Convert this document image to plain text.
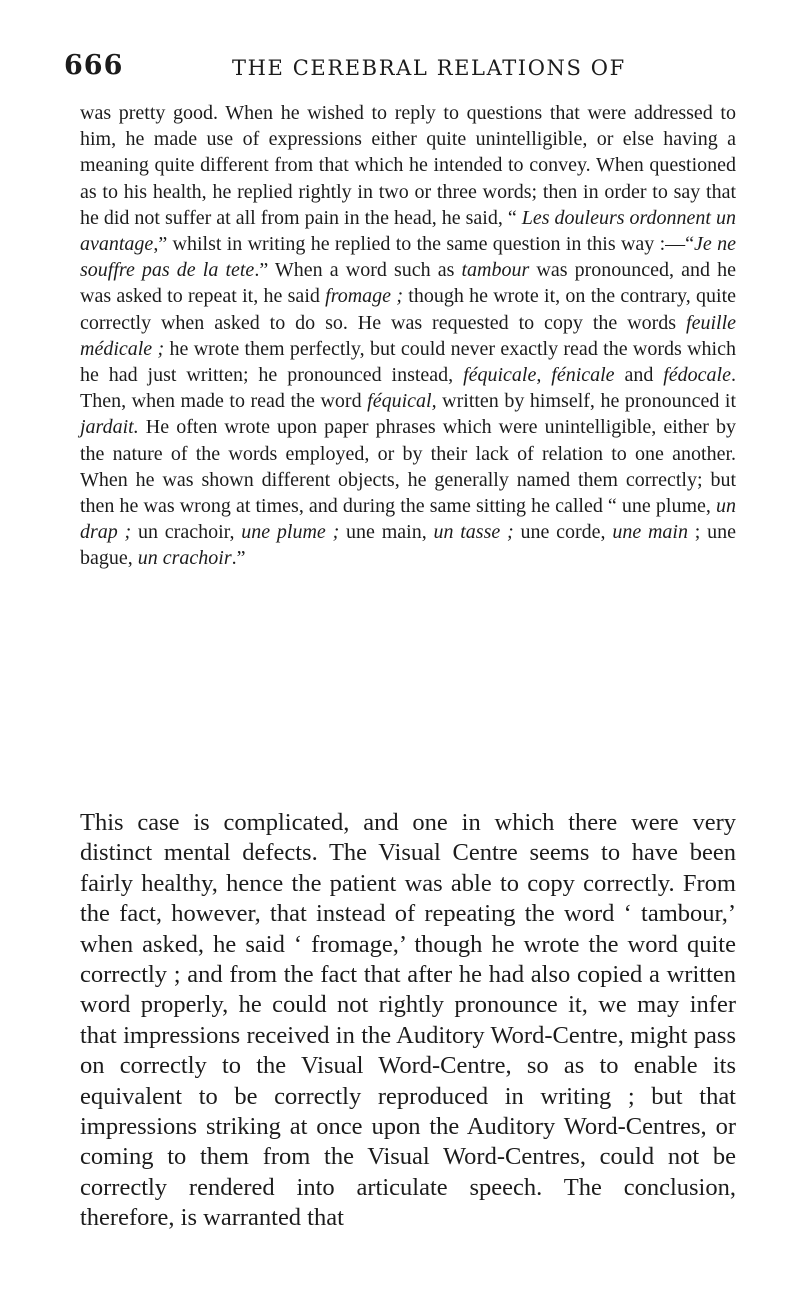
666	THE CEREBRAL RELATIONS OF

was pretty good. When he wished to reply to questions that were addressed to him, he made use of expressions either quite unintelligible, or else having a meaning quite different from that which he intended to convey. When questioned as to his health, he replied rightly in two or three words; then in order to say that he did not suffer at all from pain in the head, he said, “ Les douleurs ordonnent un avantage,” whilst in writing he replied to the same question in this way :—“Je ne souffre pas de la tete.” When a word such as tambour was pronounced, and he was asked to repeat it, he said fromage ; though he wrote it, on the contrary, quite correctly when asked to do so. He was requested to copy the words feuille médicale ; he wrote them perfectly, but could never exactly read the words which he had just written; he pronounced instead, féquicale, fénicale and fédocale. Then, when made to read the word féquical, written by himself, he pronounced it jardait. He often wrote upon paper phrases which were unintelligible, either by the nature of the words employed, or by their lack of relation to one another. When he was shown different objects, he generally named them correctly; but then he was wrong at times, and during the same sitting he called “ une plume, un drap ; un crachoir, une plume ; une main, un tasse ; une corde, une main ; une bague, un crachoir.”

This case is complicated, and one in which there were very distinct mental defects. The Visual Centre seems to have been fairly healthy, hence the patient was able to copy correctly. From the fact, however, that instead of repeating the word ‘ tambour,’ when asked, he said ‘ fromage,’ though he wrote the word quite correctly ; and from the fact that after he had also copied a written word properly, he could not rightly pronounce it, we may infer that impressions received in the Auditory Word-Centre, might pass on correctly to the Visual Word-Centre, so as to enable its equivalent to be correctly reproduced in writing ; but that impressions striking at once upon the Auditory Word-Centres, or coming to them from the Visual Word-Centres, could not be correctly rendered into articulate speech. The conclusion, therefore, is warranted that
